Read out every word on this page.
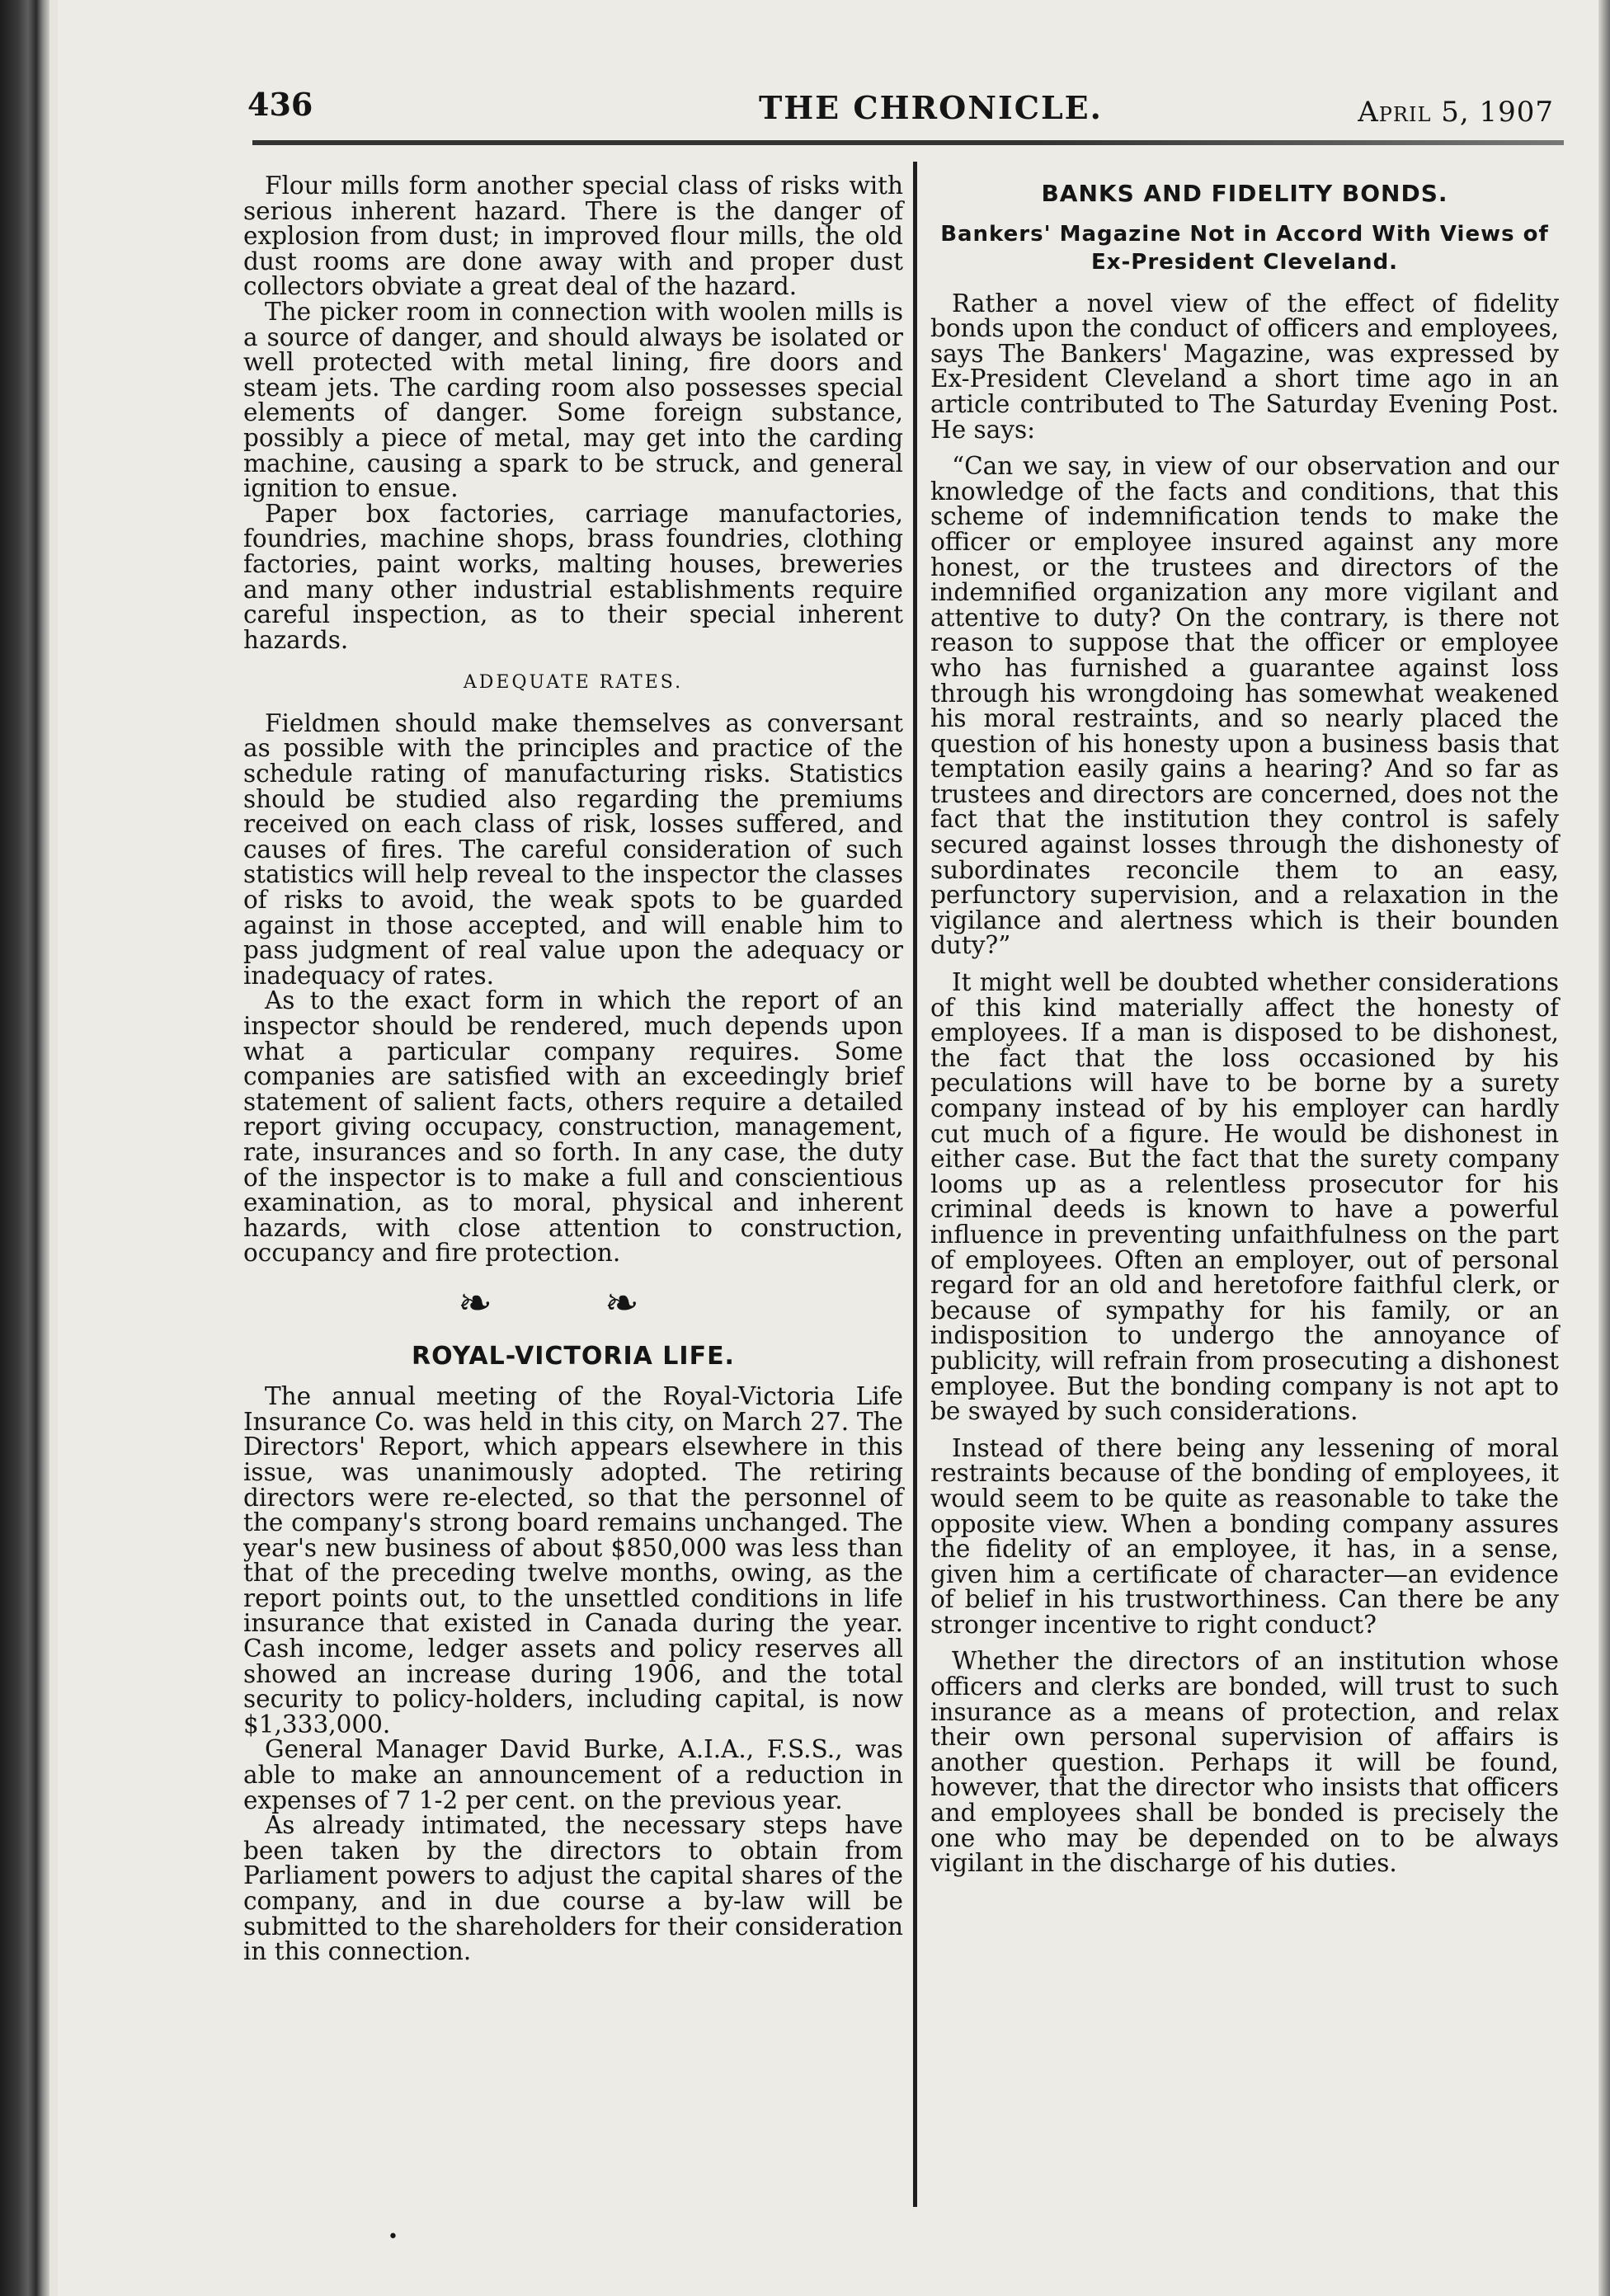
436	THE CHRONICLE.	April 5, 1907

Flour mills form another special class of risks with serious inherent hazard. There is the danger of explosion from dust; in improved flour mills, the old dust rooms are done away with and proper dust collectors obviate a great deal of the hazard.

The picker room in connection with woolen mills is a source of danger, and should always be isolated or well protected with metal lining, fire doors and steam jets. The carding room also possesses special elements of danger. Some foreign substance, possibly a piece of metal, may get into the carding machine, causing a spark to be struck, and general ignition to ensue.

Paper box factories, carriage manufactories, foundries, machine shops, brass foundries, clothing factories, paint works, malting houses, breweries and many other industrial establishments require careful inspection, as to their special inherent hazards.

ADEQUATE RATES.

Fieldmen should make themselves as conversant as possible with the principles and practice of the schedule rating of manufacturing risks. Statistics should be studied also regarding the premiums received on each class of risk, losses suffered, and causes of fires. The careful consideration of such statistics will help reveal to the inspector the classes of risks to avoid, the weak spots to be guarded against in those accepted, and will enable him to pass judgment of real value upon the adequacy or inadequacy of rates.

As to the exact form in which the report of an inspector should be rendered, much depends upon what a particular company requires. Some companies are satisfied with an exceedingly brief statement of salient facts, others require a detailed report giving occupacy, construction, management, rate, insurances and so forth. In any case, the duty of the inspector is to make a full and conscientious examination, as to moral, physical and inherent hazards, with close attention to construction, occupancy and fire protection.

❧ ❧
ROYAL-VICTORIA LIFE.

The annual meeting of the Royal-Victoria Life Insurance Co. was held in this city, on March 27. The Directors' Report, which appears elsewhere in this issue, was unanimously adopted. The retiring directors were re-elected, so that the personnel of the company's strong board remains unchanged. The year's new business of about $850,000 was less than that of the preceding twelve months, owing, as the report points out, to the unsettled conditions in life insurance that existed in Canada during the year. Cash income, ledger assets and policy reserves all showed an increase during 1906, and the total security to policy-holders, including capital, is now $1,333,000.

General Manager David Burke, A.I.A., F.S.S., was able to make an announcement of a reduction in expenses of 7 1-2 per cent. on the previous year.

As already intimated, the necessary steps have been taken by the directors to obtain from Parliament powers to adjust the capital shares of the company, and in due course a by-law will be submitted to the shareholders for their consideration in this connection.

BANKS AND FIDELITY BONDS.
Bankers' Magazine Not in Accord With Views of Ex-President Cleveland.

Rather a novel view of the effect of fidelity bonds upon the conduct of officers and employees, says The Bankers' Magazine, was expressed by Ex-President Cleveland a short time ago in an article contributed to The Saturday Evening Post. He says:

“Can we say, in view of our observation and our knowledge of the facts and conditions, that this scheme of indemnification tends to make the officer or employee insured against any more honest, or the trustees and directors of the indemnified organization any more vigilant and attentive to duty? On the contrary, is there not reason to suppose that the officer or employee who has furnished a guarantee against loss through his wrongdoing has somewhat weakened his moral restraints, and so nearly placed the question of his honesty upon a business basis that temptation easily gains a hearing? And so far as trustees and directors are concerned, does not the fact that the institution they control is safely secured against losses through the dishonesty of subordinates reconcile them to an easy, perfunctory supervision, and a relaxation in the vigilance and alertness which is their bounden duty?”

It might well be doubted whether considerations of this kind materially affect the honesty of employees. If a man is disposed to be dishonest, the fact that the loss occasioned by his peculations will have to be borne by a surety company instead of by his employer can hardly cut much of a figure. He would be dishonest in either case. But the fact that the surety company looms up as a relentless prosecutor for his criminal deeds is known to have a powerful influence in preventing unfaithfulness on the part of employees. Often an employer, out of personal regard for an old and heretofore faithful clerk, or because of sympathy for his family, or an indisposition to undergo the annoyance of publicity, will refrain from prosecuting a dishonest employee. But the bonding company is not apt to be swayed by such considerations.

Instead of there being any lessening of moral restraints because of the bonding of employees, it would seem to be quite as reasonable to take the opposite view. When a bonding company assures the fidelity of an employee, it has, in a sense, given him a certificate of character—an evidence of belief in his trustworthiness. Can there be any stronger incentive to right conduct?

Whether the directors of an institution whose officers and clerks are bonded, will trust to such insurance as a means of protection, and relax their own personal supervision of affairs is another question. Perhaps it will be found, however, that the director who insists that officers and employees shall be bonded is precisely the one who may be depended on to be always vigilant in the discharge of his duties.

•
